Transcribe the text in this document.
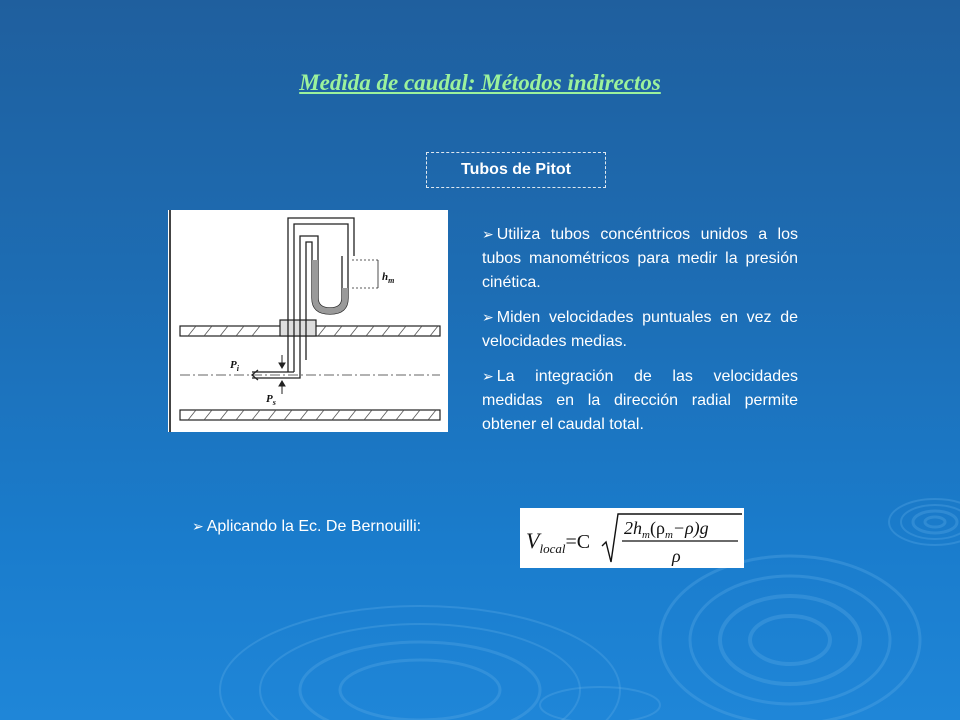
Medida de caudal: Métodos indirectos
Tubos de Pitot
$h_m$
$P_i$
$P_s$
➢ Utiliza tubos concéntricos unidos a los tubos manométricos para medir la presión cinética.
➢ Miden velocidades puntuales en vez de velocidades medias.
➢ La integración de las velocidades medidas en la dirección radial permite obtener el caudal total.
➢ Aplicando la Ec. De Bernouilli:
$V_{local}=C$
$2h_m(\rho_m-\rho)g$
ρ
